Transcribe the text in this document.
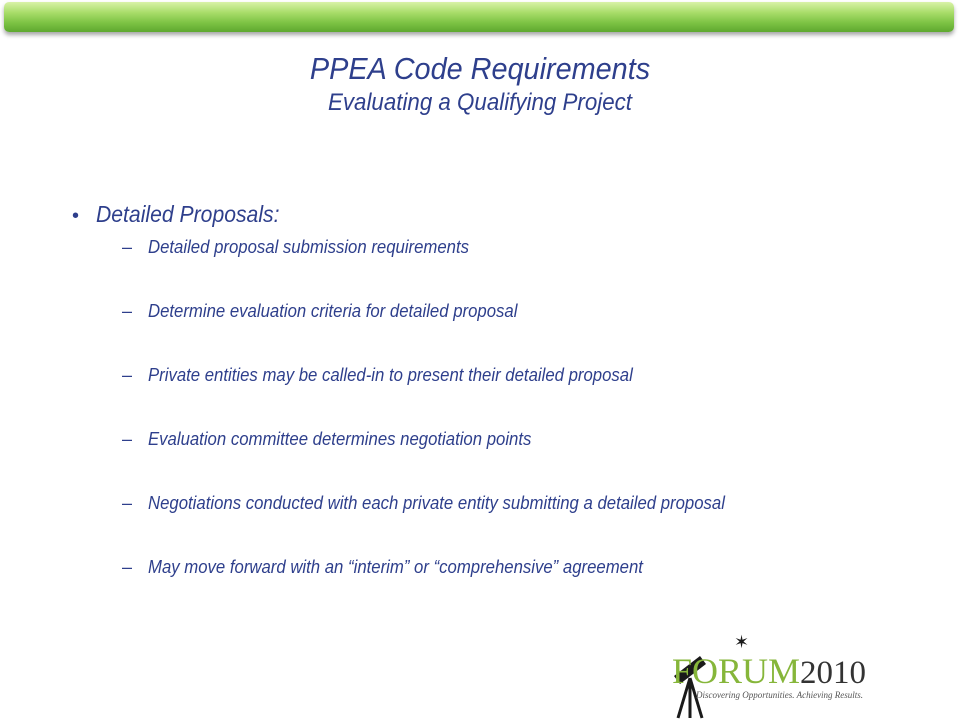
PPEA Code Requirements
Evaluating a Qualifying Project
• Detailed Proposals:
– Detailed proposal submission requirements
– Determine evaluation criteria for detailed proposal
– Private entities may be called-in to present their detailed proposal
– Evaluation committee determines negotiation points
– Negotiations conducted with each private entity submitting a detailed proposal
– May move forward with an “interim” or “comprehensive” agreement
✶
FORUM2010
Discovering Opportunities. Achieving Results.
